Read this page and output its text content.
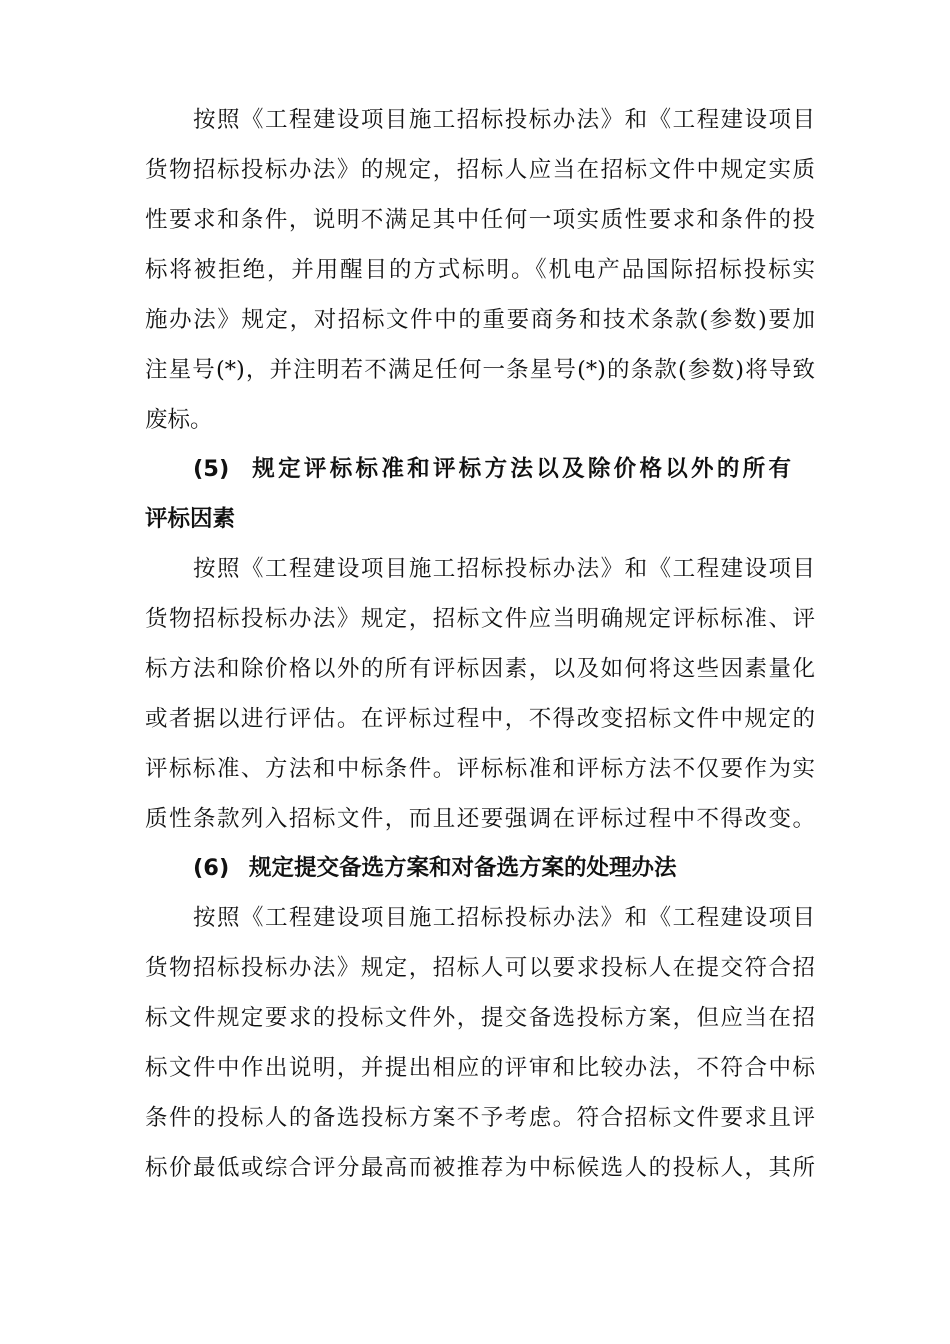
按照《工程建设项目施工招标投标办法》和《工程建设项目
货物招标投标办法》的规定，招标人应当在招标文件中规定实质
性要求和条件，说明不满足其中任何一项实质性要求和条件的投
标将被拒绝，并用醒目的方式标明。《机电产品国际招标投标实
施办法》规定，对招标文件中的重要商务和技术条款(参数)要加
注星号(*)，并注明若不满足任何一条星号(*)的条款(参数)将导致
废标。
(5) 规定评标标准和评标方法以及除价格以外的所有
评标因素
按照《工程建设项目施工招标投标办法》和《工程建设项目
货物招标投标办法》规定，招标文件应当明确规定评标标准、评
标方法和除价格以外的所有评标因素，以及如何将这些因素量化
或者据以进行评估。在评标过程中，不得改变招标文件中规定的
评标标准、方法和中标条件。评标标准和评标方法不仅要作为实
质性条款列入招标文件，而且还要强调在评标过程中不得改变。
(6) 规定提交备选方案和对备选方案的处理办法
按照《工程建设项目施工招标投标办法》和《工程建设项目
货物招标投标办法》规定，招标人可以要求投标人在提交符合招
标文件规定要求的投标文件外，提交备选投标方案，但应当在招
标文件中作出说明，并提出相应的评审和比较办法，不符合中标
条件的投标人的备选投标方案不予考虑。符合招标文件要求且评
标价最低或综合评分最高而被推荐为中标候选人的投标人，其所
